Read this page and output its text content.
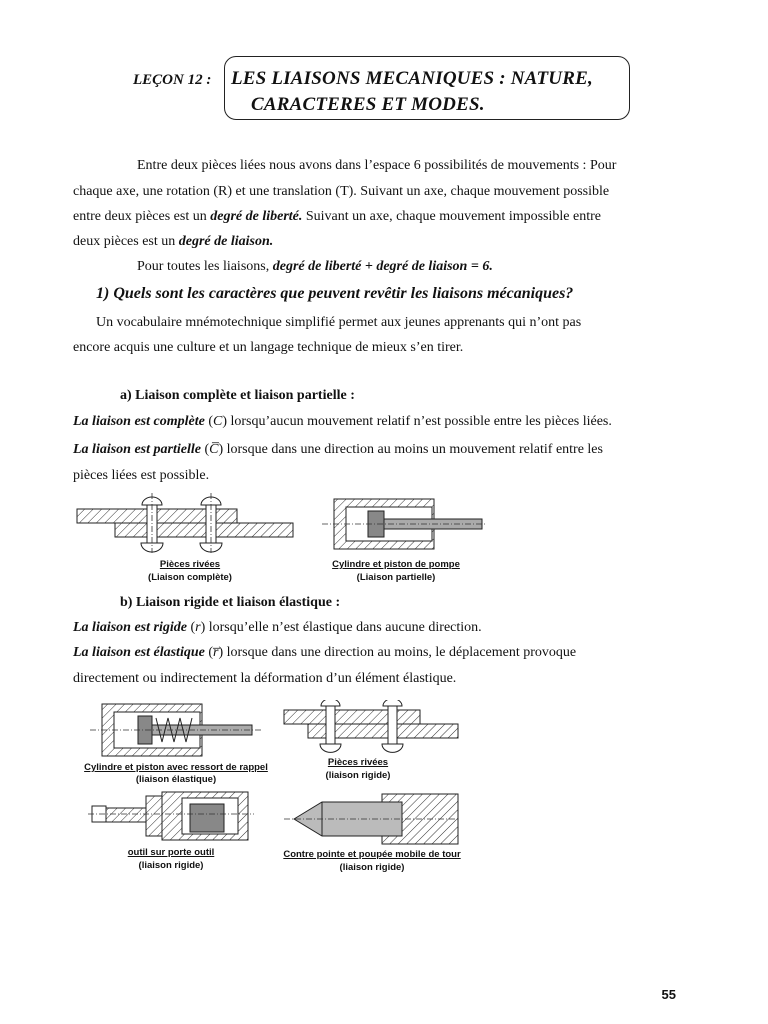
LEÇON 12 : LES LIAISONS MECANIQUES : NATURE,
CARACTERES ET MODES.
Entre deux pièces liées nous avons dans l’espace 6 possibilités de mouvements : Pour
chaque axe, une rotation (R) et une translation (T). Suivant un axe, chaque mouvement possible
entre deux pièces est un degré de liberté. Suivant un axe, chaque mouvement impossible entre
deux pièces est un degré de liaison.
Pour toutes les liaisons, degré de liberté + degré de liaison = 6.
1) Quels sont les caractères que peuvent revêtir les liaisons mécaniques?
Un vocabulaire mnémotechnique simplifié permet aux jeunes apprenants qui n’ont pas
encore acquis une culture et un langage technique de mieux s’en tirer.
a) Liaison complète et liaison partielle :
La liaison est complète (C) lorsqu’aucun mouvement relatif n’est possible entre les pièces liées.
La liaison est partielle (C̅) lorsque dans une direction au moins un mouvement relatif entre les
pièces liées est possible.
Pièces rivées
(Liaison complète)
Cylindre et piston de pompe
(Liaison partielle)
b) Liaison rigide et liaison élastique :
La liaison est rigide (r) lorsqu’elle n’est élastique dans aucune direction.
La liaison est élastique (r̅) lorsque dans une direction au moins, le déplacement provoque
directement ou indirectement la déformation d’un élément élastique.
Cylindre et piston avec ressort de rappel
(liaison élastique)
Pièces rivées
(liaison rigide)
outil sur porte outil
(liaison rigide)
Contre pointe et poupée mobile de tour
(liaison rigide)
55
